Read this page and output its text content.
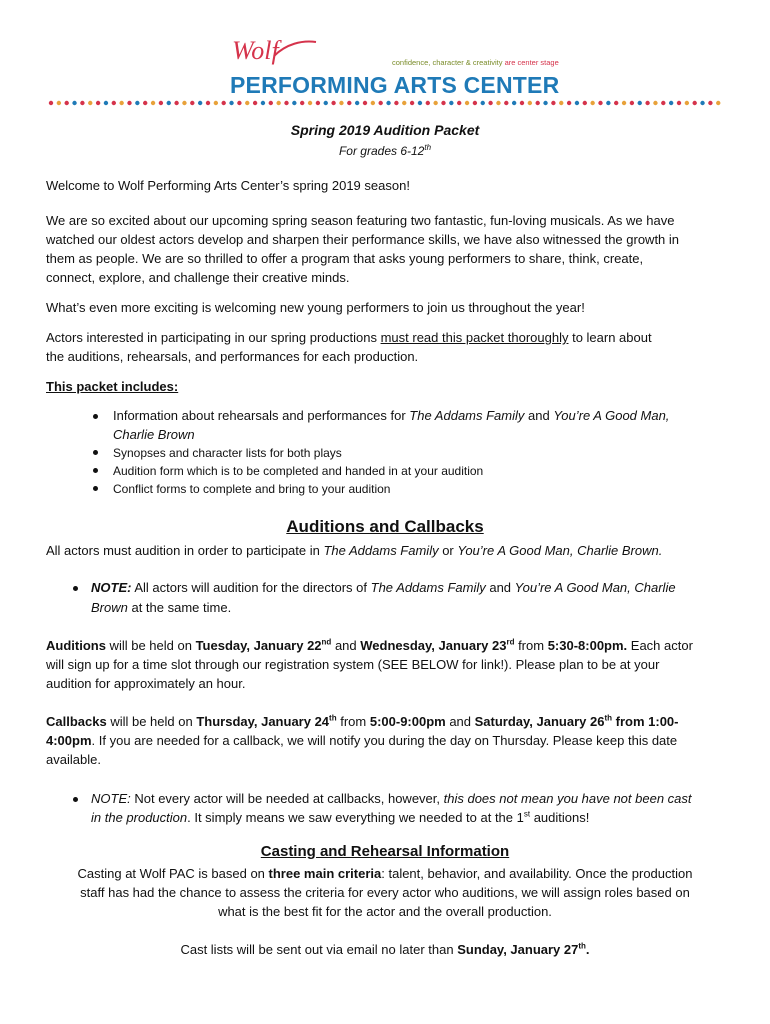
Wolf	confidence, character & creativity are center stage
PERFORMING ARTS CENTER
Spring 2019 Audition Packet
For grades 6-12th
Welcome to Wolf Performing Arts Center’s spring 2019 season!
We are so excited about our upcoming spring season featuring two fantastic, fun-loving musicals. As we have
watched our oldest actors develop and sharpen their performance skills, we have also witnessed the growth in
them as people. We are so thrilled to offer a program that asks young performers to share, think, create,
connect, explore, and challenge their creative minds.
What’s even more exciting is welcoming new young performers to join us throughout the year!
Actors interested in participating in our spring productions must read this packet thoroughly to learn about
the auditions, rehearsals, and performances for each production.
This packet includes:
Information about rehearsals and performances for The Addams Family and You’re A Good Man,
Charlie Brown
Synopses and character lists for both plays
Audition form which is to be completed and handed in at your audition
Conflict forms to complete and bring to your audition
Auditions and Callbacks
All actors must audition in order to participate in The Addams Family or You’re A Good Man, Charlie Brown.
NOTE: All actors will audition for the directors of The Addams Family and You’re A Good Man, Charlie
Brown at the same time.
Auditions will be held on Tuesday, January 22nd and Wednesday, January 23rd from 5:30-8:00pm. Each actor
will sign up for a time slot through our registration system (SEE BELOW for link!). Please plan to be at your
audition for approximately an hour.
Callbacks will be held on Thursday, January 24th from 5:00-9:00pm and Saturday, January 26th from 1:00-
4:00pm. If you are needed for a callback, we will notify you during the day on Thursday. Please keep this date
available.
NOTE: Not every actor will be needed at callbacks, however, this does not mean you have not been cast
in the production. It simply means we saw everything we needed to at the 1st auditions!
Casting and Rehearsal Information
Casting at Wolf PAC is based on three main criteria: talent, behavior, and availability. Once the production
staff has had the chance to assess the criteria for every actor who auditions, we will assign roles based on
what is the best fit for the actor and the overall production.
Cast lists will be sent out via email no later than Sunday, January 27th.
